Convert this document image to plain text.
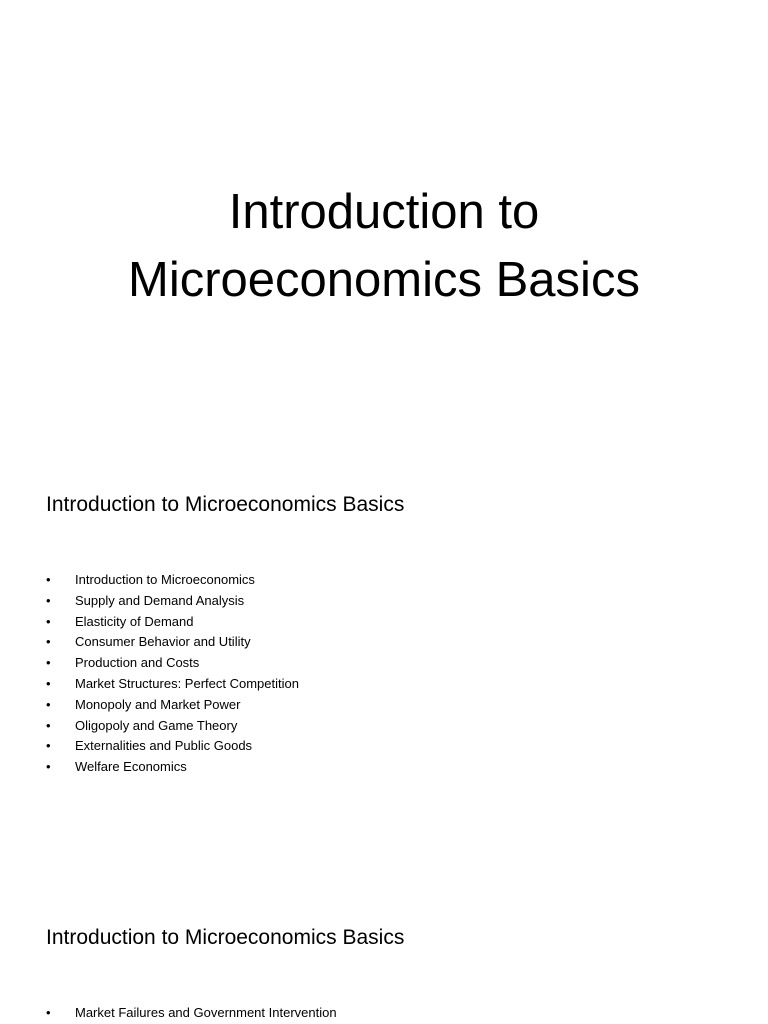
Introduction to
Microeconomics Basics
Introduction to Microeconomics Basics
•	Introduction to Microeconomics
•	Supply and Demand Analysis
•	Elasticity of Demand
•	Consumer Behavior and Utility
•	Production and Costs
•	Market Structures: Perfect Competition
•	Monopoly and Market Power
•	Oligopoly and Game Theory
•	Externalities and Public Goods
•	Welfare Economics
Introduction to Microeconomics Basics
•	Market Failures and Government Intervention
